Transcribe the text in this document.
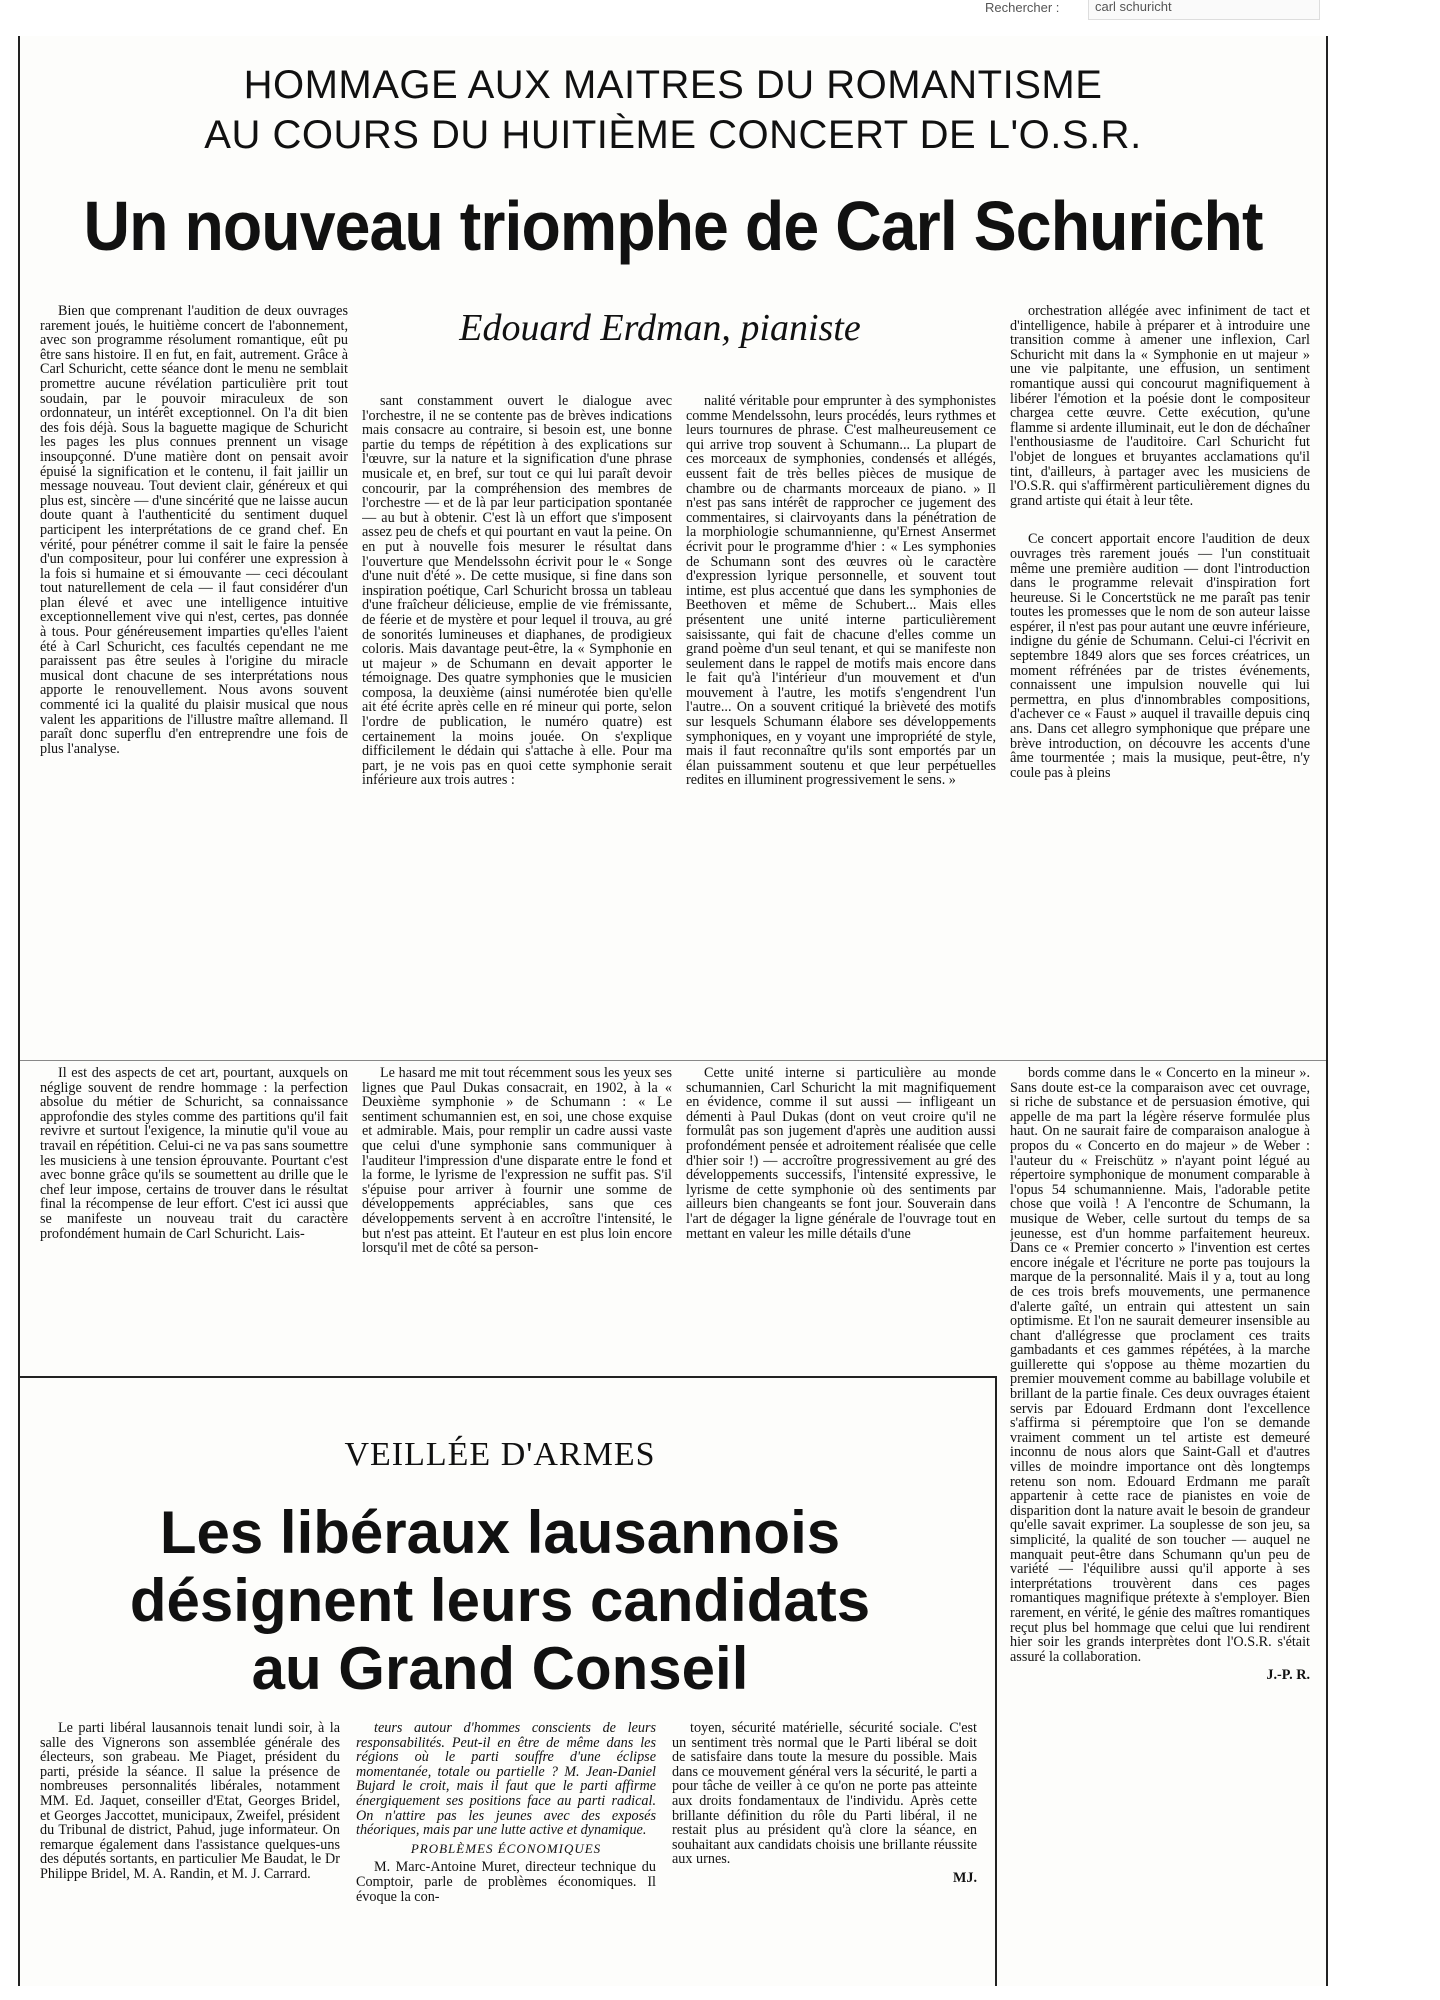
Rechercher :	carl schuricht
HOMMAGE AUX MAITRES DU ROMANTISME
AU COURS DU HUITIÈME CONCERT DE L'O.S.R.
Un nouveau triomphe de Carl Schuricht
Edouard Erdman, pianiste

Bien que comprenant l'audition de deux ouvrages rarement joués, le huitième concert de l'abonnement, avec son programme résolument romantique, eût pu être sans histoire. Il en fut, en fait, autrement. Grâce à Carl Schuricht, cette séance dont le menu ne semblait promettre aucune révélation particulière prit tout soudain, par le pouvoir miraculeux de son ordonnateur, un intérêt exceptionnel. On l'a dit bien des fois déjà. Sous la baguette magique de Schuricht les pages les plus connues prennent un visage insoupçonné. D'une matière dont on pensait avoir épuisé la signification et le contenu, il fait jaillir un message nouveau. Tout devient clair, généreux et qui plus est, sincère — d'une sincérité que ne laisse aucun doute quant à l'authenticité du sentiment duquel participent les interprétations de ce grand chef. En vérité, pour pénétrer comme il sait le faire la pensée d'un compositeur, pour lui conférer une expression à la fois si humaine et si émouvante — ceci découlant tout naturellement de cela — il faut considérer d'un plan élevé et avec une intelligence intuitive exceptionnellement vive qui n'est, certes, pas donnée à tous. Pour généreusement imparties qu'elles l'aient été à Carl Schuricht, ces facultés cependant ne me paraissent pas être seules à l'origine du miracle musical dont chacune de ses interprétations nous apporte le renouvellement. Nous avons souvent commenté ici la qualité du plaisir musical que nous valent les apparitions de l'illustre maître allemand. Il paraît donc superflu d'en entreprendre une fois de plus l'analyse.

sant constamment ouvert le dialogue avec l'orchestre, il ne se contente pas de brèves indications mais consacre au contraire, si besoin est, une bonne partie du temps de répétition à des explications sur l'œuvre, sur la nature et la signification d'une phrase musicale et, en bref, sur tout ce qui lui paraît devoir concourir, par la compréhension des membres de l'orchestre — et de là par leur participation spontanée — au but à obtenir. C'est là un effort que s'imposent assez peu de chefs et qui pourtant en vaut la peine. On en put à nouvelle fois mesurer le résultat dans l'ouverture que Mendelssohn écrivit pour le « Songe d'une nuit d'été ». De cette musique, si fine dans son inspiration poétique, Carl Schuricht brossa un tableau d'une fraîcheur délicieuse, emplie de vie frémissante, de féerie et de mystère et pour lequel il trouva, au gré de sonorités lumineuses et diaphanes, de prodigieux coloris. Mais davantage peut-être, la « Symphonie en ut majeur » de Schumann en devait apporter le témoignage. Des quatre symphonies que le musicien composa, la deuxième (ainsi numérotée bien qu'elle ait été écrite après celle en ré mineur qui porte, selon l'ordre de publication, le numéro quatre) est certainement la moins jouée. On s'explique difficilement le dédain qui s'attache à elle. Pour ma part, je ne vois pas en quoi cette symphonie serait inférieure aux trois autres :

nalité véritable pour emprunter à des symphonistes comme Mendelssohn, leurs procédés, leurs rythmes et leurs tournures de phrase. C'est malheureusement ce qui arrive trop souvent à Schumann... La plupart de ces morceaux de symphonies, condensés et allégés, eussent fait de très belles pièces de musique de chambre ou de charmants morceaux de piano. » Il n'est pas sans intérêt de rapprocher ce jugement des commentaires, si clairvoyants dans la pénétration de la morphiologie schumannienne, qu'Ernest Ansermet écrivit pour le programme d'hier : « Les symphonies de Schumann sont des œuvres où le caractère d'expression lyrique personnelle, et souvent tout intime, est plus accentué que dans les symphonies de Beethoven et même de Schubert... Mais elles présentent une unité interne particulièrement saisissante, qui fait de chacune d'elles comme un grand poème d'un seul tenant, et qui se manifeste non seulement dans le rappel de motifs mais encore dans le fait qu'à l'intérieur d'un mouvement et d'un mouvement à l'autre, les motifs s'engendrent l'un l'autre... On a souvent critiqué la brièveté des motifs sur lesquels Schumann élabore ses développements symphoniques, en y voyant une impropriété de style, mais il faut reconnaître qu'ils sont emportés par un élan puissamment soutenu et que leur perpétuelles redites en illuminent progressivement le sens. »

orchestration allégée avec infiniment de tact et d'intelligence, habile à préparer et à introduire une transition comme à amener une inflexion, Carl Schuricht mit dans la « Symphonie en ut majeur » une vie palpitante, une effusion, un sentiment romantique aussi qui concourut magnifiquement à libérer l'émotion et la poésie dont le compositeur chargea cette œuvre. Cette exécution, qu'une flamme si ardente illuminait, eut le don de déchaîner l'enthousiasme de l'auditoire. Carl Schuricht fut l'objet de longues et bruyantes acclamations qu'il tint, d'ailleurs, à partager avec les musiciens de l'O.S.R. qui s'affirmèrent particulièrement dignes du grand artiste qui était à leur tête.

Ce concert apportait encore l'audition de deux ouvrages très rarement joués — l'un constituait même une première audition — dont l'introduction dans le programme relevait d'inspiration fort heureuse. Si le Concertstück ne me paraît pas tenir toutes les promesses que le nom de son auteur laisse espérer, il n'est pas pour autant une œuvre inférieure, indigne du génie de Schumann. Celui-ci l'écrivit en septembre 1849 alors que ses forces créatrices, un moment réfrénées par de tristes événements, connaissent une impulsion nouvelle qui lui permettra, en plus d'innombrables compositions, d'achever ce « Faust » auquel il travaille depuis cinq ans. Dans cet allegro symphonique que prépare une brève introduction, on découvre les accents d'une âme tourmentée ; mais la musique, peut-être, n'y coule pas à pleins

Il est des aspects de cet art, pourtant, auxquels on néglige souvent de rendre hommage : la perfection absolue du métier de Schuricht, sa connaissance approfondie des styles comme des partitions qu'il fait revivre et surtout l'exigence, la minutie qu'il voue au travail en répétition. Celui-ci ne va pas sans soumettre les musiciens à une tension éprouvante. Pourtant c'est avec bonne grâce qu'ils se soumettent au drille que le chef leur impose, certains de trouver dans le résultat final la récompense de leur effort. C'est ici aussi que se manifeste un nouveau trait du caractère profondément humain de Carl Schuricht. Lais-

Le hasard me mit tout récemment sous les yeux ses lignes que Paul Dukas consacrait, en 1902, à la « Deuxième symphonie » de Schumann : « Le sentiment schumannien est, en soi, une chose exquise et admirable. Mais, pour remplir un cadre aussi vaste que celui d'une symphonie sans communiquer à l'auditeur l'impression d'une disparate entre le fond et la forme, le lyrisme de l'expression ne suffit pas. S'il s'épuise pour arriver à fournir une somme de développements appréciables, sans que ces développements servent à en accroître l'intensité, le but n'est pas atteint. Et l'auteur en est plus loin encore lorsqu'il met de côté sa person-

Cette unité interne si particulière au monde schumannien, Carl Schuricht la mit magnifiquement en évidence, comme il sut aussi — infligeant un démenti à Paul Dukas (dont on veut croire qu'il ne formulât pas son jugement d'après une audition aussi profondément pensée et adroitement réalisée que celle d'hier soir !) — accroître progressivement au gré des développements successifs, l'intensité expressive, le lyrisme de cette symphonie où des sentiments par ailleurs bien changeants se font jour. Souverain dans l'art de dégager la ligne générale de l'ouvrage tout en mettant en valeur les mille détails d'une

bords comme dans le « Concerto en la mineur ». Sans doute est-ce la comparaison avec cet ouvrage, si riche de substance et de persuasion émotive, qui appelle de ma part la légère réserve formulée plus haut. On ne saurait faire de comparaison analogue à propos du « Concerto en do majeur » de Weber : l'auteur du « Freischütz » n'ayant point légué au répertoire symphonique de monument comparable à l'opus 54 schumannienne. Mais, l'adorable petite chose que voilà ! A l'encontre de Schumann, la musique de Weber, celle surtout du temps de sa jeunesse, est d'un homme parfaitement heureux. Dans ce « Premier concerto » l'invention est certes encore inégale et l'écriture ne porte pas toujours la marque de la personnalité. Mais il y a, tout au long de ces trois brefs mouvements, une permanence d'alerte gaîté, un entrain qui attestent un sain optimisme. Et l'on ne saurait demeurer insensible au chant d'allégresse que proclament ces traits gambadants et ces gammes répétées, à la marche guillerette qui s'oppose au thème mozartien du premier mouvement comme au babillage volubile et brillant de la partie finale. Ces deux ouvrages étaient servis par Edouard Erdmann dont l'excellence s'affirma si péremptoire que l'on se demande vraiment comment un tel artiste est demeuré inconnu de nous alors que Saint-Gall et d'autres villes de moindre importance ont dès longtemps retenu son nom. Edouard Erdmann me paraît appartenir à cette race de pianistes en voie de disparition dont la nature avait le besoin de grandeur qu'elle savait exprimer. La souplesse de son jeu, sa simplicité, la qualité de son toucher — auquel ne manquait peut-être dans Schumann qu'un peu de variété — l'équilibre aussi qu'il apporte à ses interprétations trouvèrent dans ces pages romantiques magnifique prétexte à s'employer. Bien rarement, en vérité, le génie des maîtres romantiques reçut plus bel hommage que celui que lui rendirent hier soir les grands interprètes dont l'O.S.R. s'était assuré la collaboration.

J.-P. R.

VEILLÉE D'ARMES
Les libéraux lausannois
désignent leurs candidats
au Grand Conseil

Le parti libéral lausannois tenait lundi soir, à la salle des Vignerons son assemblée générale des électeurs, son grabeau. Me Piaget, président du parti, préside la séance. Il salue la présence de nombreuses personnalités libérales, notamment MM. Ed. Jaquet, conseiller d'Etat, Georges Bridel, et Georges Jaccottet, municipaux, Zweifel, président du Tribunal de district, Pahud, juge informateur. On remarque également dans l'assistance quelques-uns des députés sortants, en particulier Me Baudat, le Dr Philippe Bridel, M. A. Randin, et M. J. Carrard.

teurs autour d'hommes conscients de leurs responsabilités. Peut-il en être de même dans les régions où le parti souffre d'une éclipse momentanée, totale ou partielle ? M. Jean-Daniel Bujard le croit, mais il faut que le parti affirme énergiquement ses positions face au parti radical. On n'attire pas les jeunes avec des exposés théoriques, mais par une lutte active et dynamique.

PROBLÈMES ÉCONOMIQUES

M. Marc-Antoine Muret, directeur technique du Comptoir, parle de problèmes économiques. Il évoque la con-

toyen, sécurité matérielle, sécurité sociale. C'est un sentiment très normal que le Parti libéral se doit de satisfaire dans toute la mesure du possible. Mais dans ce mouvement général vers la sécurité, le parti a pour tâche de veiller à ce qu'on ne porte pas atteinte aux droits fondamentaux de l'individu. Après cette brillante définition du rôle du Parti libéral, il ne restait plus au président qu'à clore la séance, en souhaitant aux candidats choisis une brillante réussite aux urnes.

MJ.
